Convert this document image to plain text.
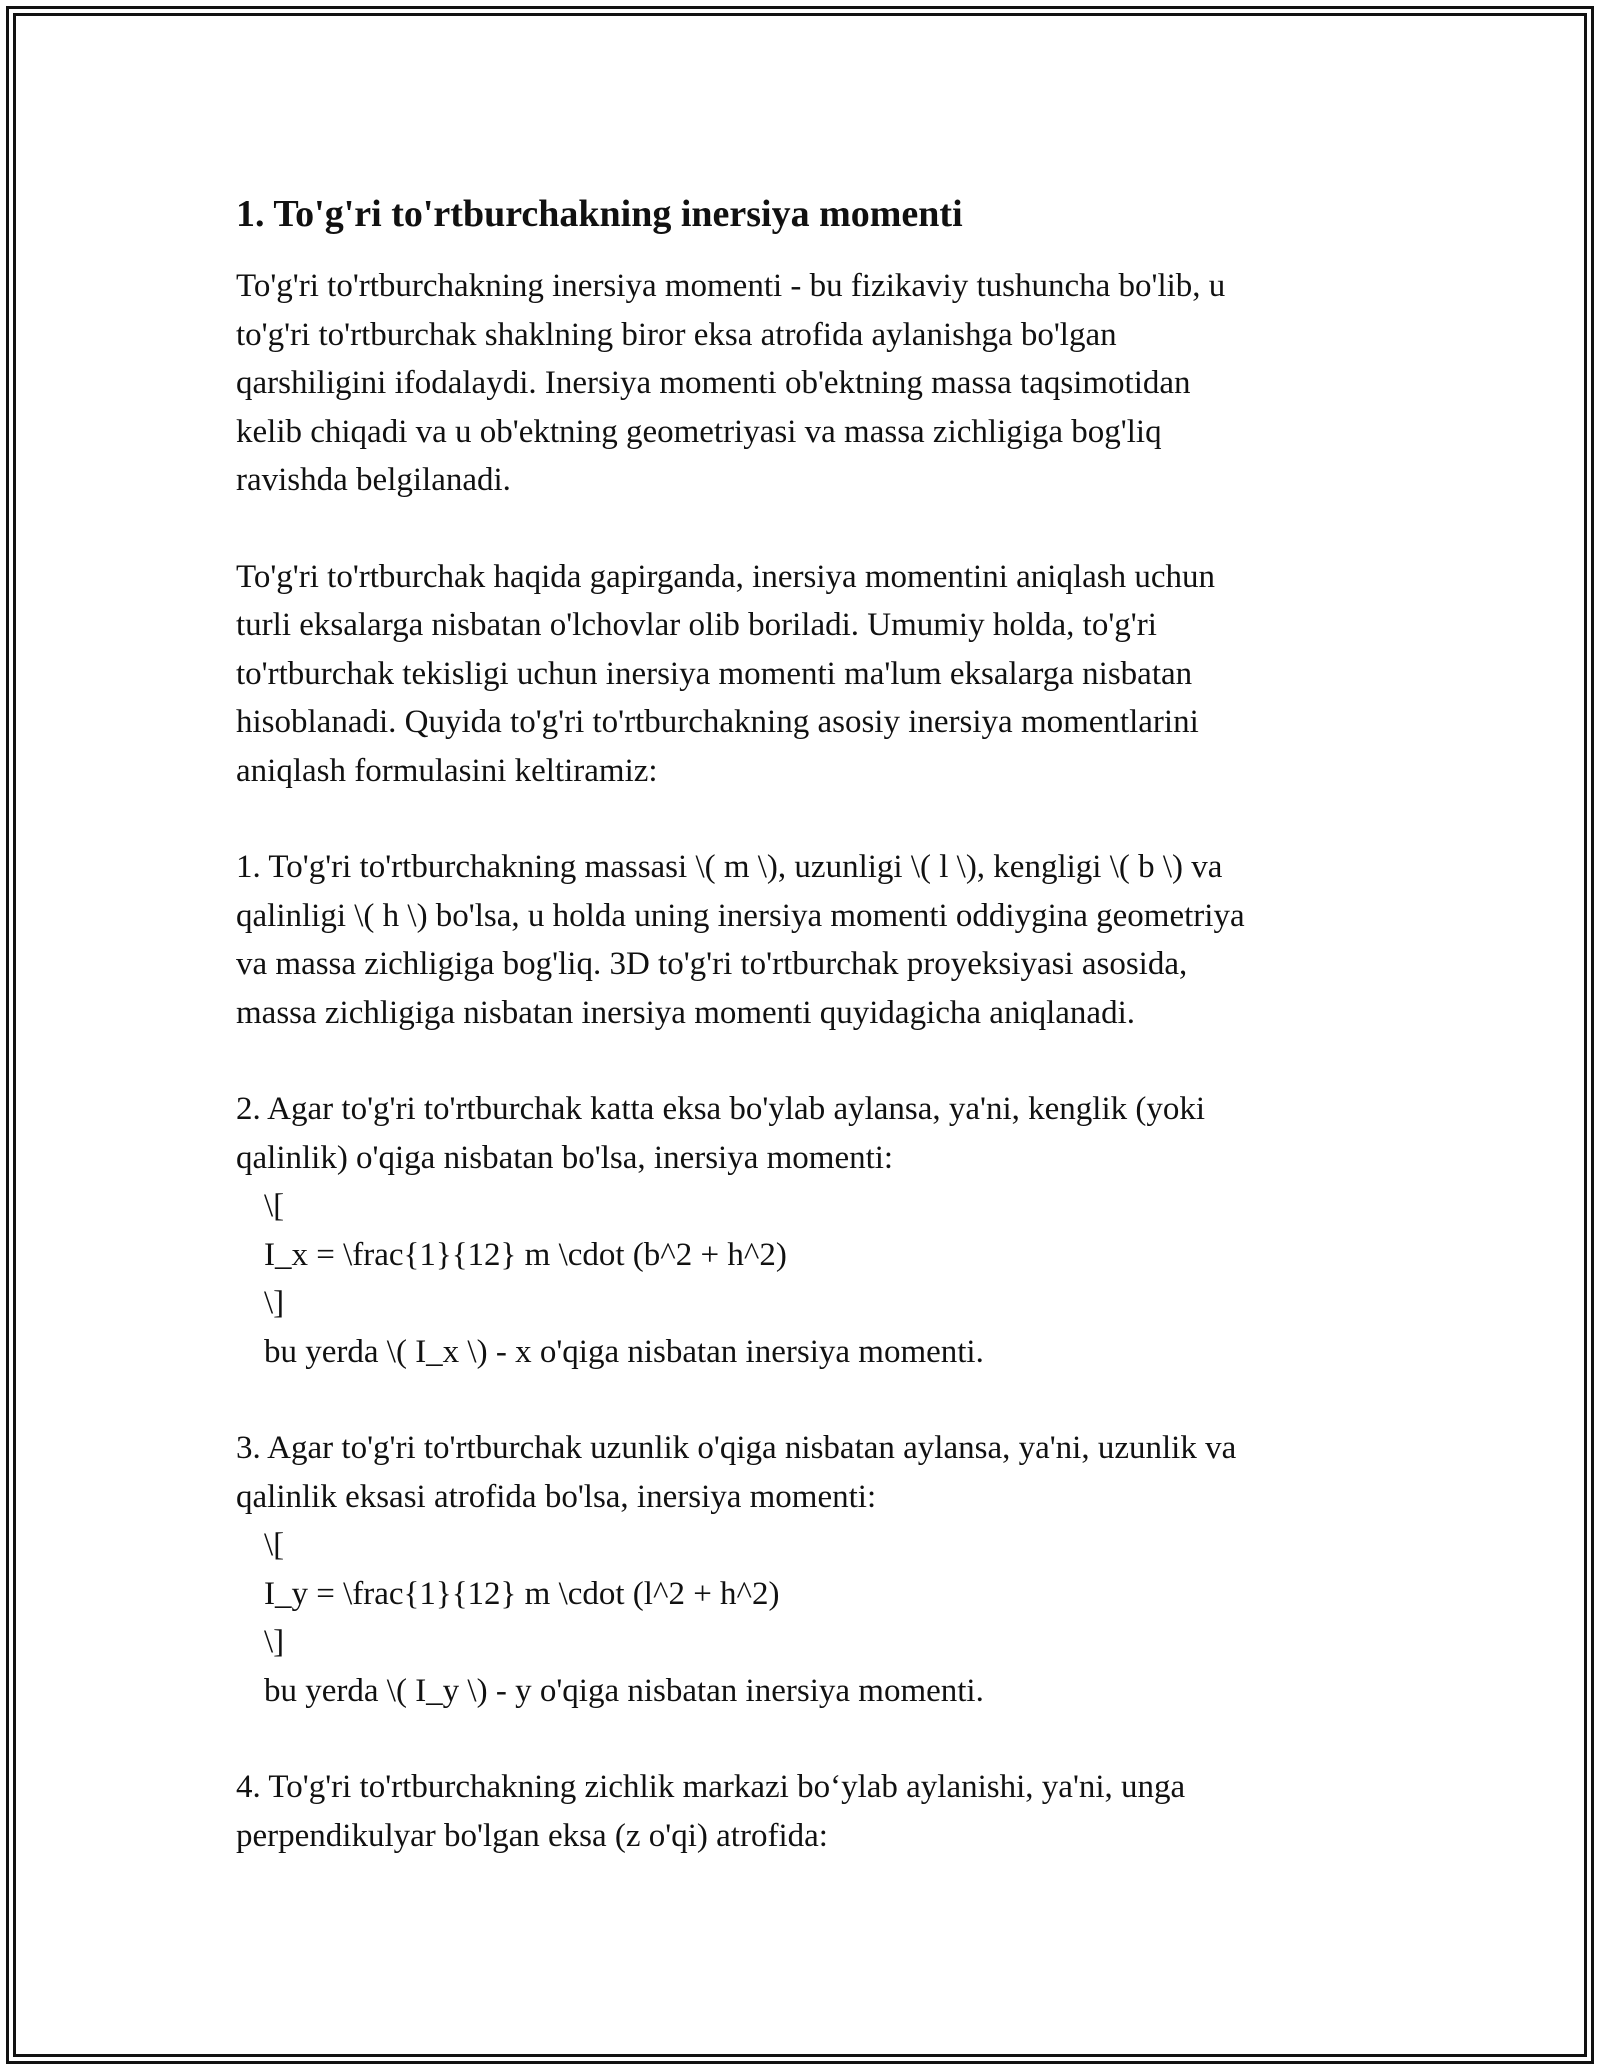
1. To'g'ri to'rtburchakning inersiya momenti

To'g'ri to'rtburchakning inersiya momenti - bu fizikaviy tushuncha bo'lib, u
to'g'ri to'rtburchak shaklning biror eksa atrofida aylanishga bo'lgan
qarshiligini ifodalaydi. Inersiya momenti ob'ektning massa taqsimotidan
kelib chiqadi va u ob'ektning geometriyasi va massa zichligiga bog'liq
ravishda belgilanadi.

To'g'ri to'rtburchak haqida gapirganda, inersiya momentini aniqlash uchun
turli eksalarga nisbatan o'lchovlar olib boriladi. Umumiy holda, to'g'ri
to'rtburchak tekisligi uchun inersiya momenti ma'lum eksalarga nisbatan
hisoblanadi. Quyida to'g'ri to'rtburchakning asosiy inersiya momentlarini
aniqlash formulasini keltiramiz:

1. To'g'ri to'rtburchakning massasi \( m \), uzunligi \( l \), kengligi \( b \) va
qalinligi \( h \) bo'lsa, u holda uning inersiya momenti oddiygina geometriya
va massa zichligiga bog'liq. 3D to'g'ri to'rtburchak proyeksiyasi asosida,
massa zichligiga nisbatan inersiya momenti quyidagicha aniqlanadi.

2. Agar to'g'ri to'rtburchak katta eksa bo'ylab aylansa, ya'ni, kenglik (yoki
qalinlik) o'qiga nisbatan bo'lsa, inersiya momenti:
\[
I_x = \frac{1}{12} m \cdot (b^2 + h^2)
\]
bu yerda \( I_x \) - x o'qiga nisbatan inersiya momenti.

3. Agar to'g'ri to'rtburchak uzunlik o'qiga nisbatan aylansa, ya'ni, uzunlik va
qalinlik eksasi atrofida bo'lsa, inersiya momenti:
\[
I_y = \frac{1}{12} m \cdot (l^2 + h^2)
\]
bu yerda \( I_y \) - y o'qiga nisbatan inersiya momenti.

4. To'g'ri to'rtburchakning zichlik markazi bo‘ylab aylanishi, ya'ni, unga
perpendikulyar bo'lgan eksa (z o'qi) atrofida:
